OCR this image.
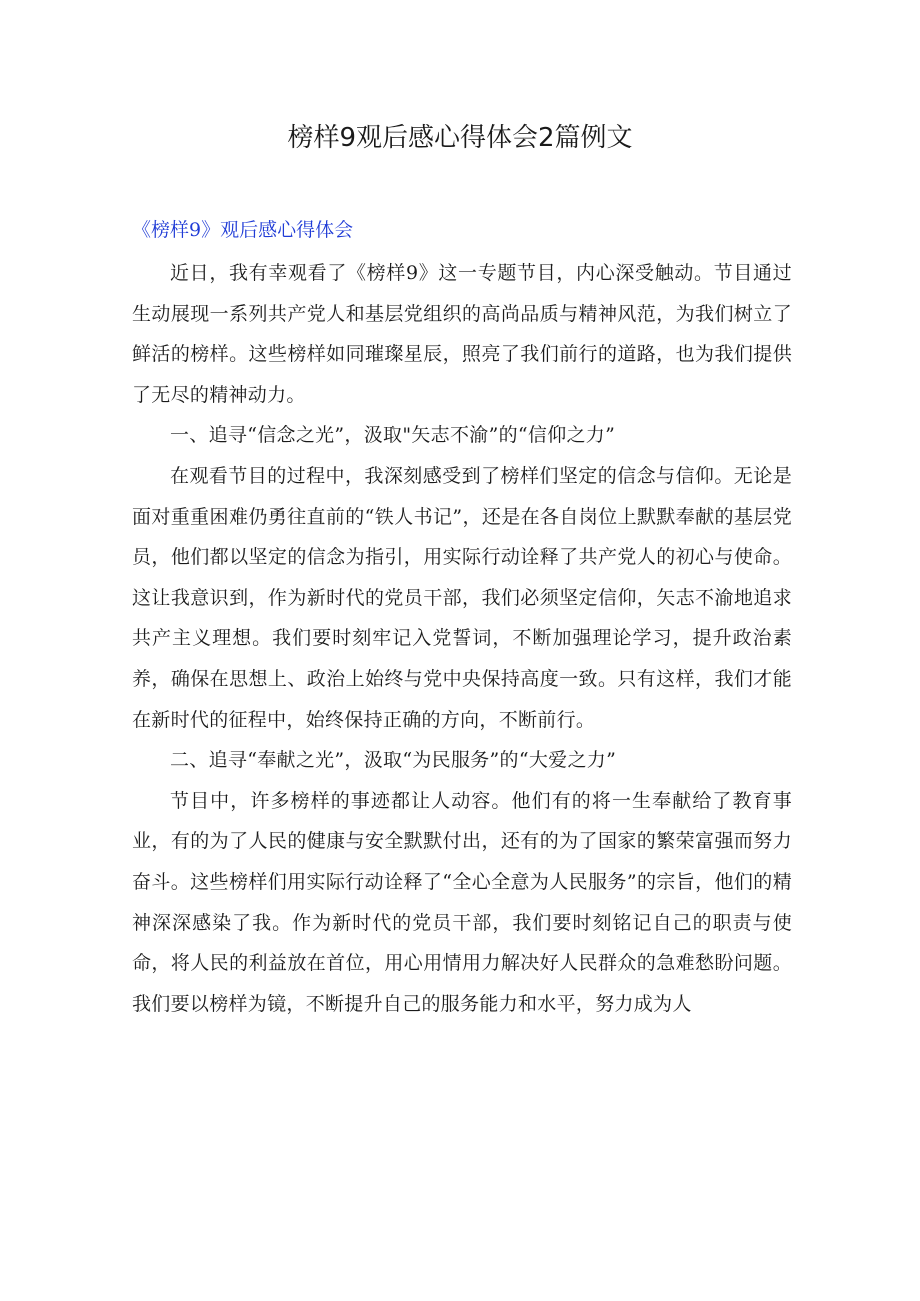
榜样9观后感心得体会2篇例文

《榜样9》观后感心得体会

近日，我有幸观看了《榜样9》这一专题节目，内心深受触动。节目通过生动展现一系列共产党人和基层党组织的高尚品质与精神风范，为我们树立了鲜活的榜样。这些榜样如同璀璨星辰，照亮了我们前行的道路，也为我们提供了无尽的精神动力。

一、追寻“信念之光”，汲取"矢志不渝”的“信仰之力”

在观看节目的过程中，我深刻感受到了榜样们坚定的信念与信仰。无论是面对重重困难仍勇往直前的“铁人书记”，还是在各自岗位上默默奉献的基层党员，他们都以坚定的信念为指引，用实际行动诠释了共产党人的初心与使命。这让我意识到，作为新时代的党员干部，我们必须坚定信仰，矢志不渝地追求共产主义理想。我们要时刻牢记入党誓词，不断加强理论学习，提升政治素养，确保在思想上、政治上始终与党中央保持高度一致。只有这样，我们才能在新时代的征程中，始终保持正确的方向，不断前行。

二、追寻“奉献之光”，汲取“为民服务”的“大爱之力”

节目中，许多榜样的事迹都让人动容。他们有的将一生奉献给了教育事业，有的为了人民的健康与安全默默付出，还有的为了国家的繁荣富强而努力奋斗。这些榜样们用实际行动诠释了“全心全意为人民服务”的宗旨，他们的精神深深感染了我。作为新时代的党员干部，我们要时刻铭记自己的职责与使命，将人民的利益放在首位，用心用情用力解决好人民群众的急难愁盼问题。我们要以榜样为镜，不断提升自己的服务能力和水平，努力成为人
